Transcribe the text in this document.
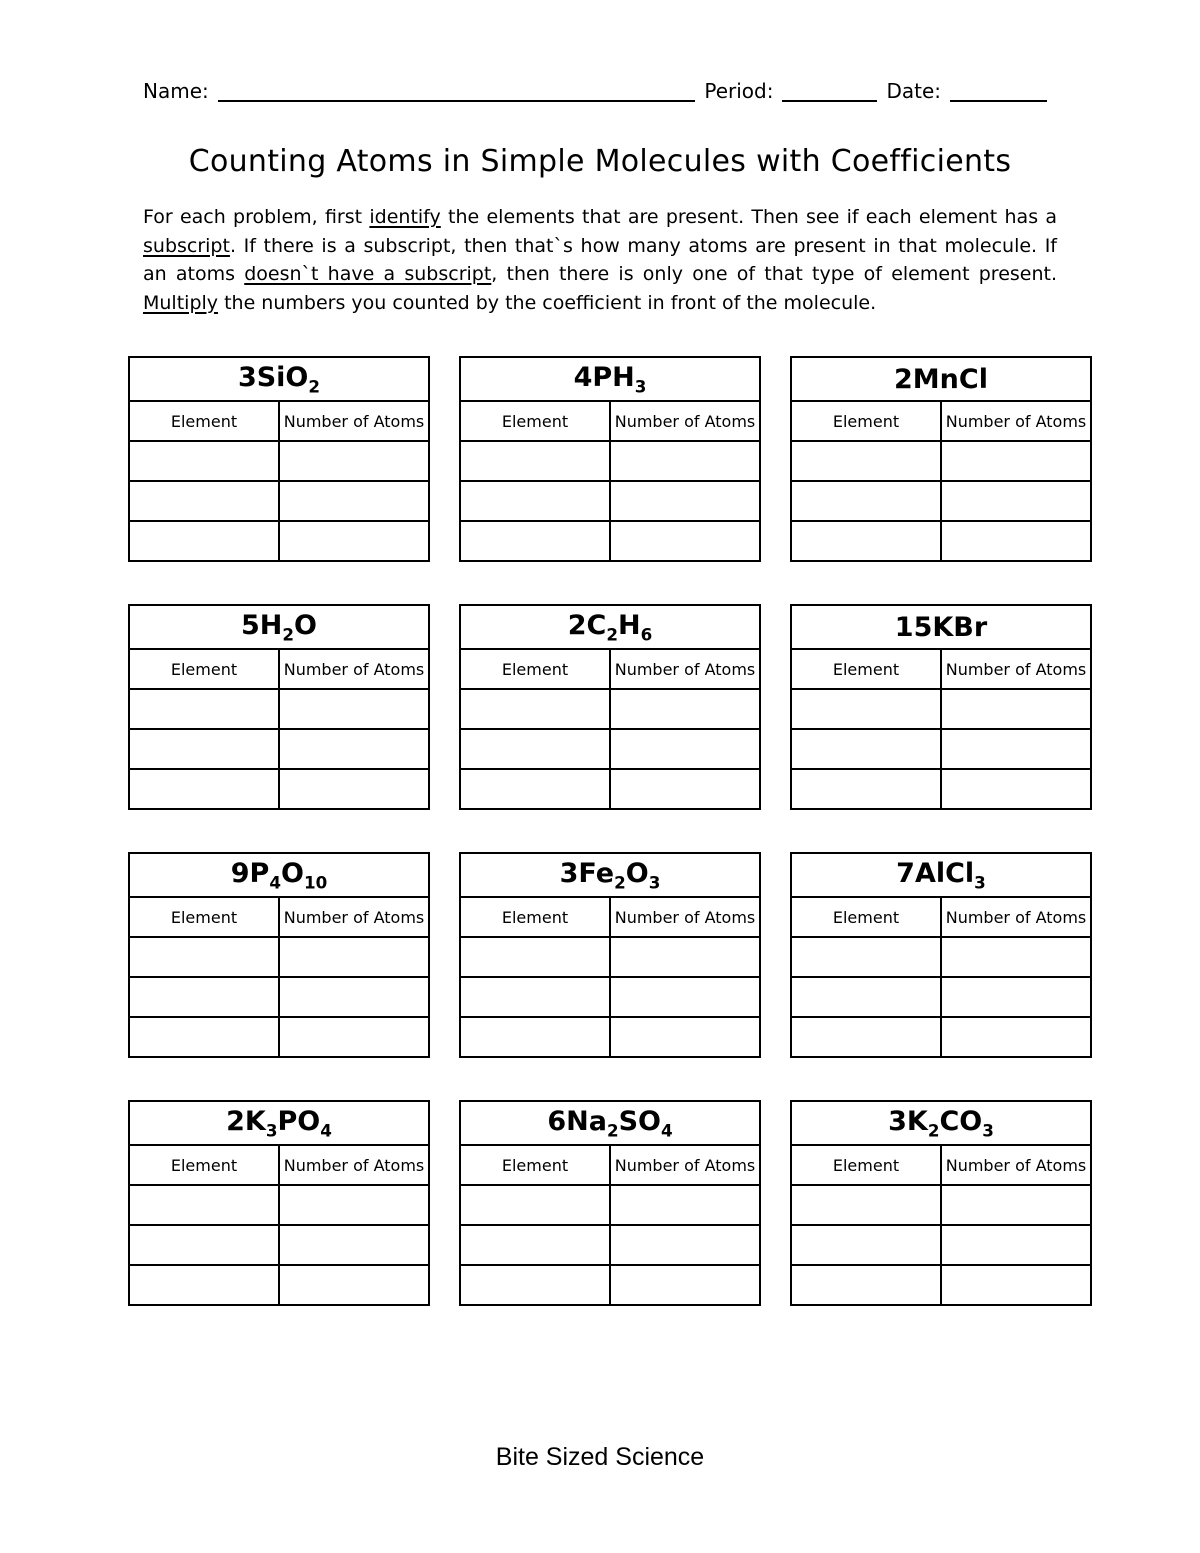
Name:	Period:	Date:
Counting Atoms in Simple Molecules with Coefficients

For each problem, first identify the elements that are present. Then see if each element has a subscript. If there is a subscript, then that`s how many atoms are present in that molecule. If an atoms doesn`t have a subscript, then there is only one of that type of element present. Multiply the numbers you counted by the coefficient in front of the molecule.

3SiO$_2$
Element	Number of Atoms

$4PH_3$
Element	Number of Atoms

2MnCl	
Element	Number of Atoms

$5H_2O$	
Element	Number of Atoms

$2C_2H_6$
Element	Number of Atoms

15KBr	
Element	Number of Atoms

$9P_4O_{10}$
Element	Number of Atoms

$3Fe_2O_3$
Element	Number of Atoms

7AlCl$_3$
Element	Number of Atoms

$2K_3PO_4$
Element	Number of Atoms

$6Na_2SO_4$
Element	Number of Atoms

$3K_2CO_3$
Element	Number of Atoms

Bite Sized Science
